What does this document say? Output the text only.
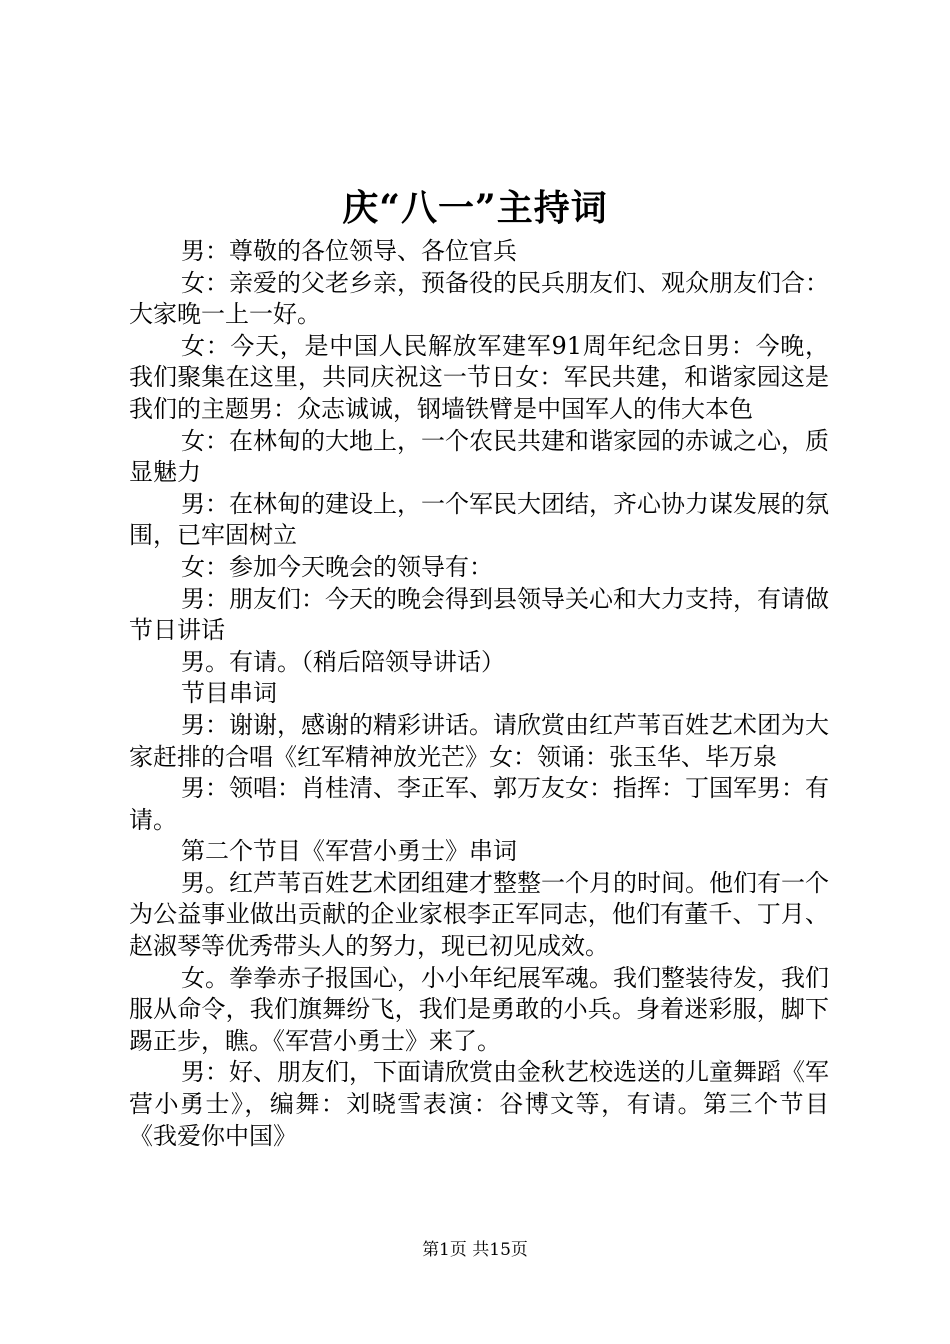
庆“八一”主持词

男：尊敬的各位领导、各位官兵

女：亲爱的父老乡亲，预备役的民兵朋友们、观众朋友们合：大家晚一上一好。

女：今天，是中国人民解放军建军91周年纪念日男：今晚，我们聚集在这里，共同庆祝这一节日女：军民共建，和谐家园这是我们的主题男：众志诚诚，钢墙铁臂是中国军人的伟大本色

女：在林甸的大地上，一个农民共建和谐家园的赤诚之心，质显魅力

男：在林甸的建设上，一个军民大团结，齐心协力谋发展的氛围，已牢固树立

女：参加今天晚会的领导有：

男：朋友们：今天的晚会得到县领导关心和大力支持，有请做节日讲话

男。有请。（稍后陪领导讲话）

节目串词

男：谢谢，感谢的精彩讲话。请欣赏由红芦苇百姓艺术团为大家赶排的合唱《红军精神放光芒》女：领诵：张玉华、毕万泉

男：领唱：肖桂清、李正军、郭万友女：指挥：丁国军男：有请。

第二个节目《军营小勇士》串词

男。红芦苇百姓艺术团组建才整整一个月的时间。他们有一个为公益事业做出贡献的企业家根李正军同志，他们有董千、丁月、赵淑琴等优秀带头人的努力，现已初见成效。

女。拳拳赤子报国心，小小年纪展军魂。我们整装待发，我们服从命令，我们旗舞纷飞，我们是勇敢的小兵。身着迷彩服，脚下踢正步，瞧。《军营小勇士》来了。

男：好、朋友们，下面请欣赏由金秋艺校选送的儿童舞蹈《军营小勇士》，编舞：刘晓雪表演：谷博文等，有请。第三个节目《我爱你中国》

第1页 共15页
